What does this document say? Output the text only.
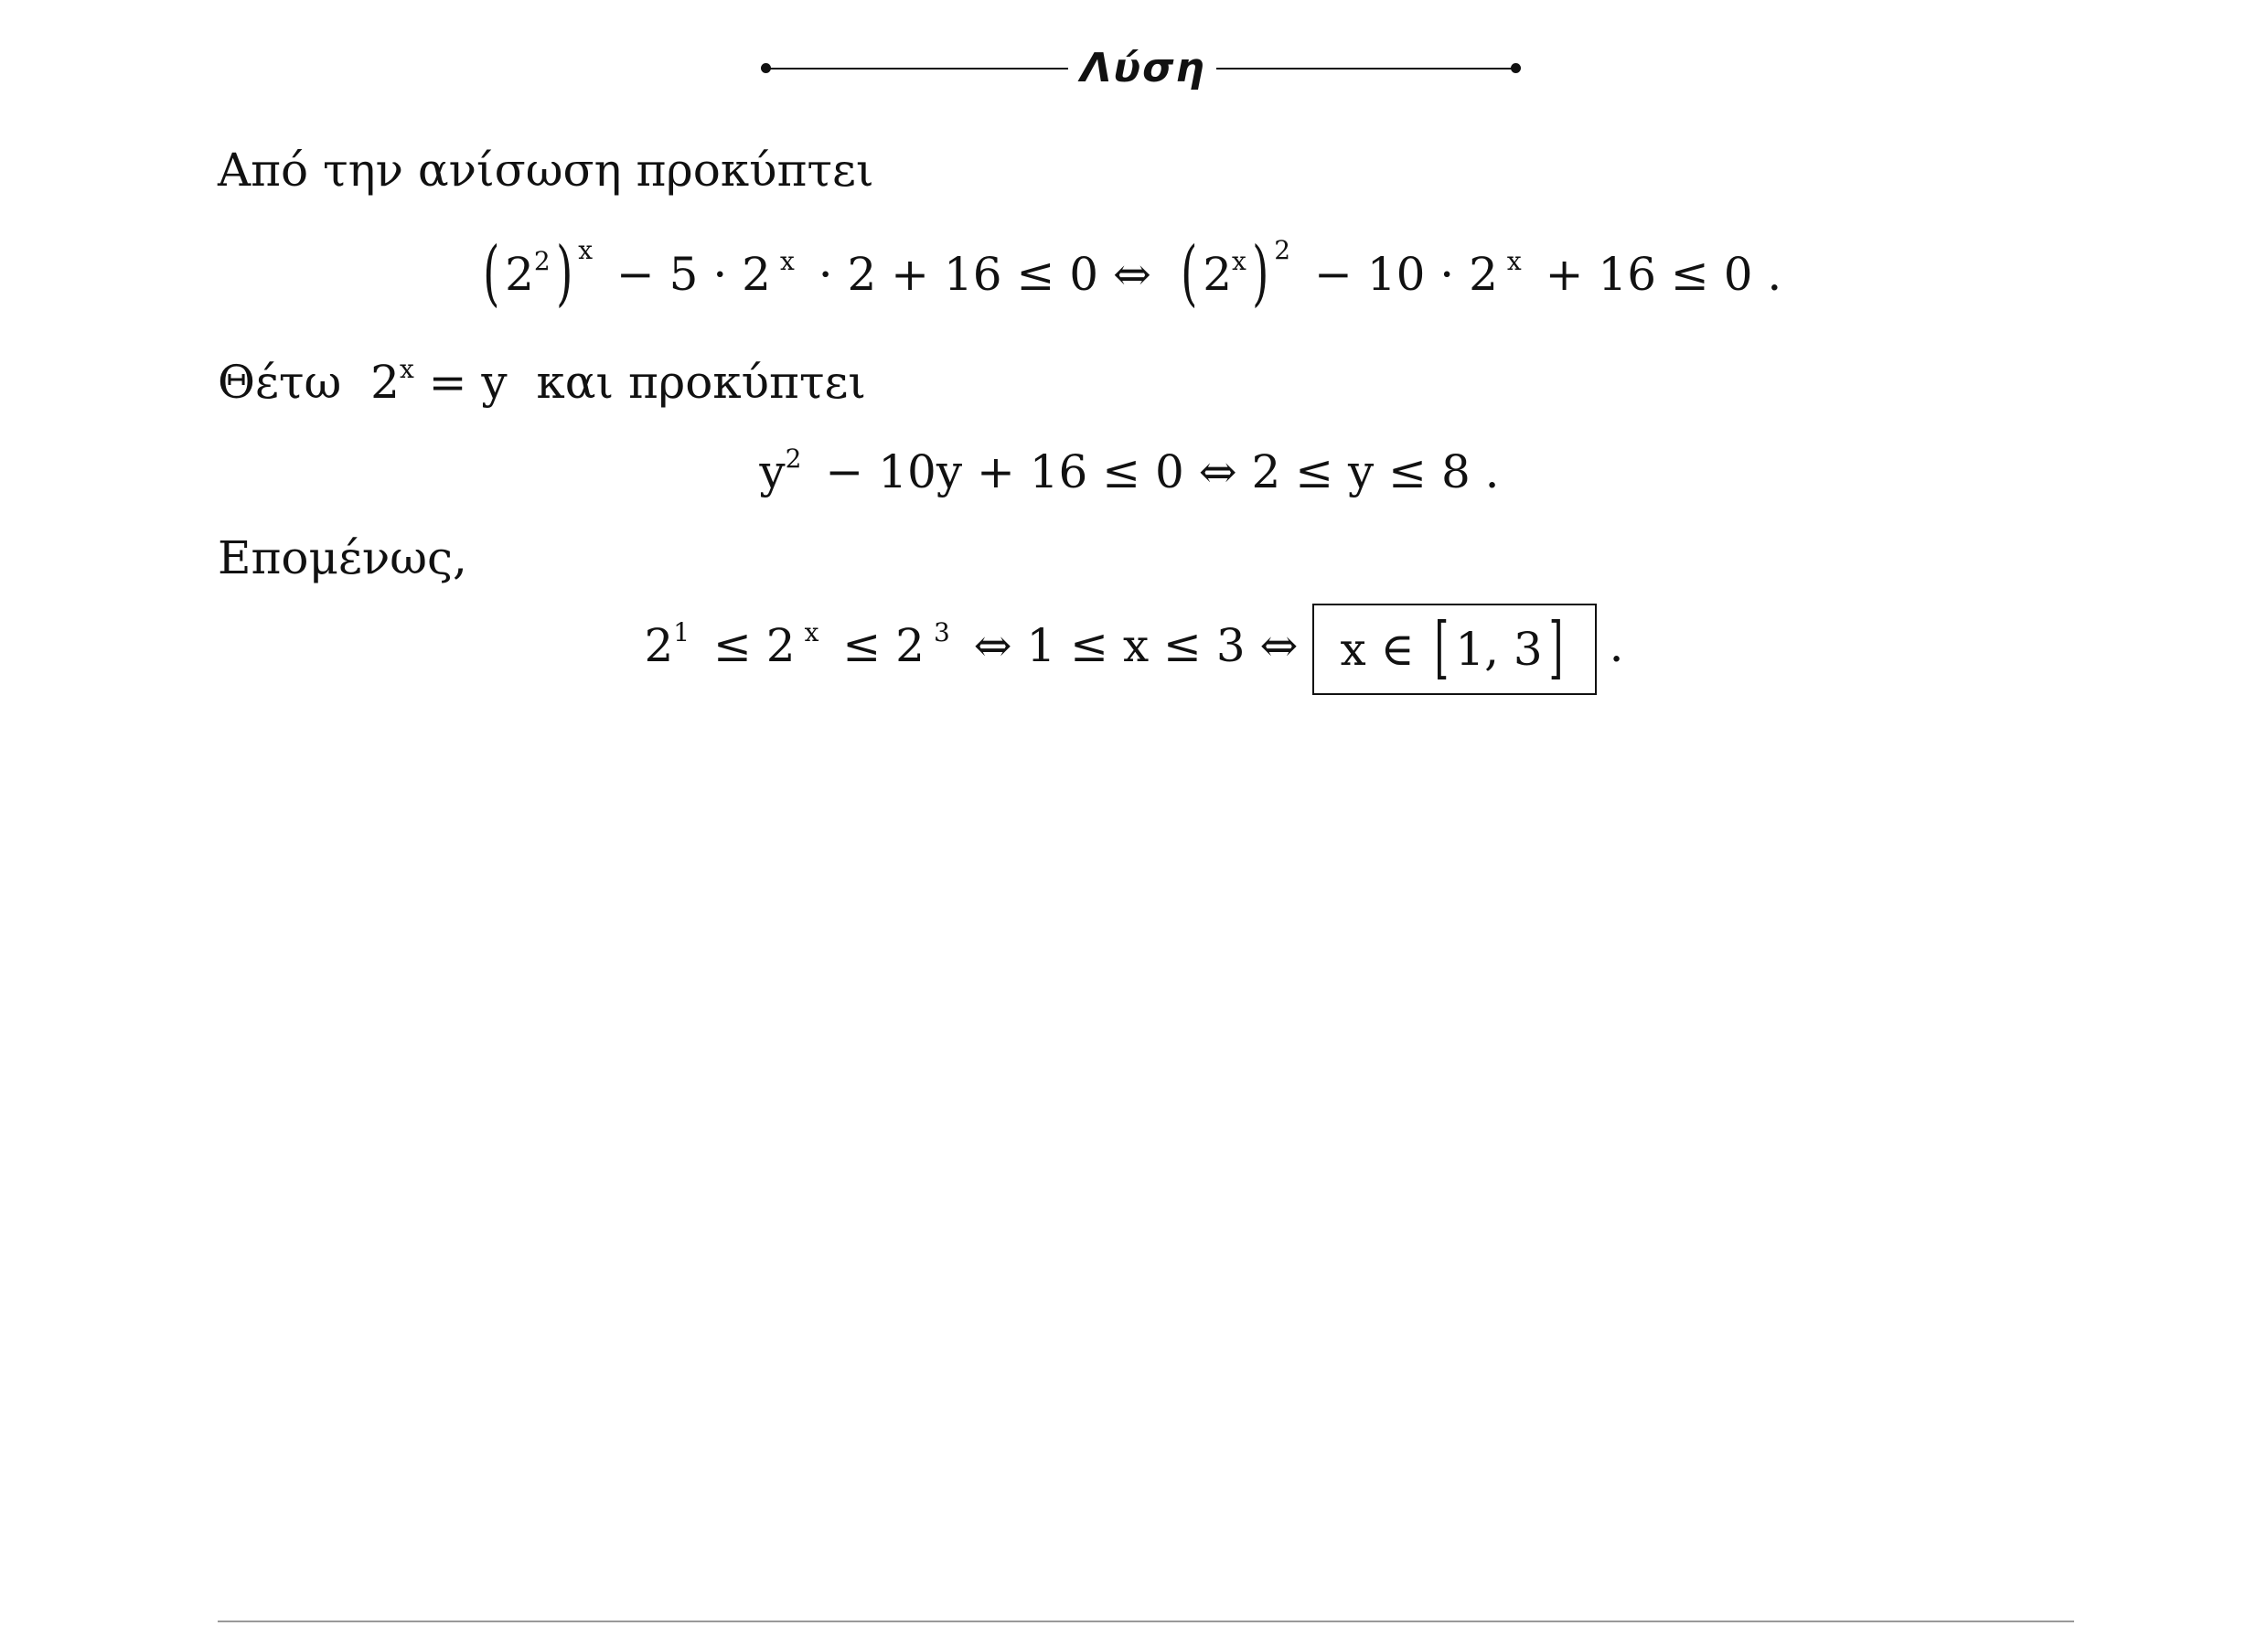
Λύση
Από την ανίσωση προκύπτει
( $2^2$) $^x$ − 5 · 2 $^x$ · 2 + 16 ≤ 0 ⇔ ( 2$^x$) $^2$ − 10 · 2 $^x$ + 16 ≤ 0 .
Θέτω $2^x = y$ και προκύπτει
$y^2 - 10y + 16 \le 0$ ⇔ 2 ≤ y ≤ 8 .
Επομένως,
$2^1 \le 2$ $^x$ ≤ 2 $^3$ ⇔ 1 ≤ x ≤ 3 ⇔ x ∈ [ 1, 3] .
